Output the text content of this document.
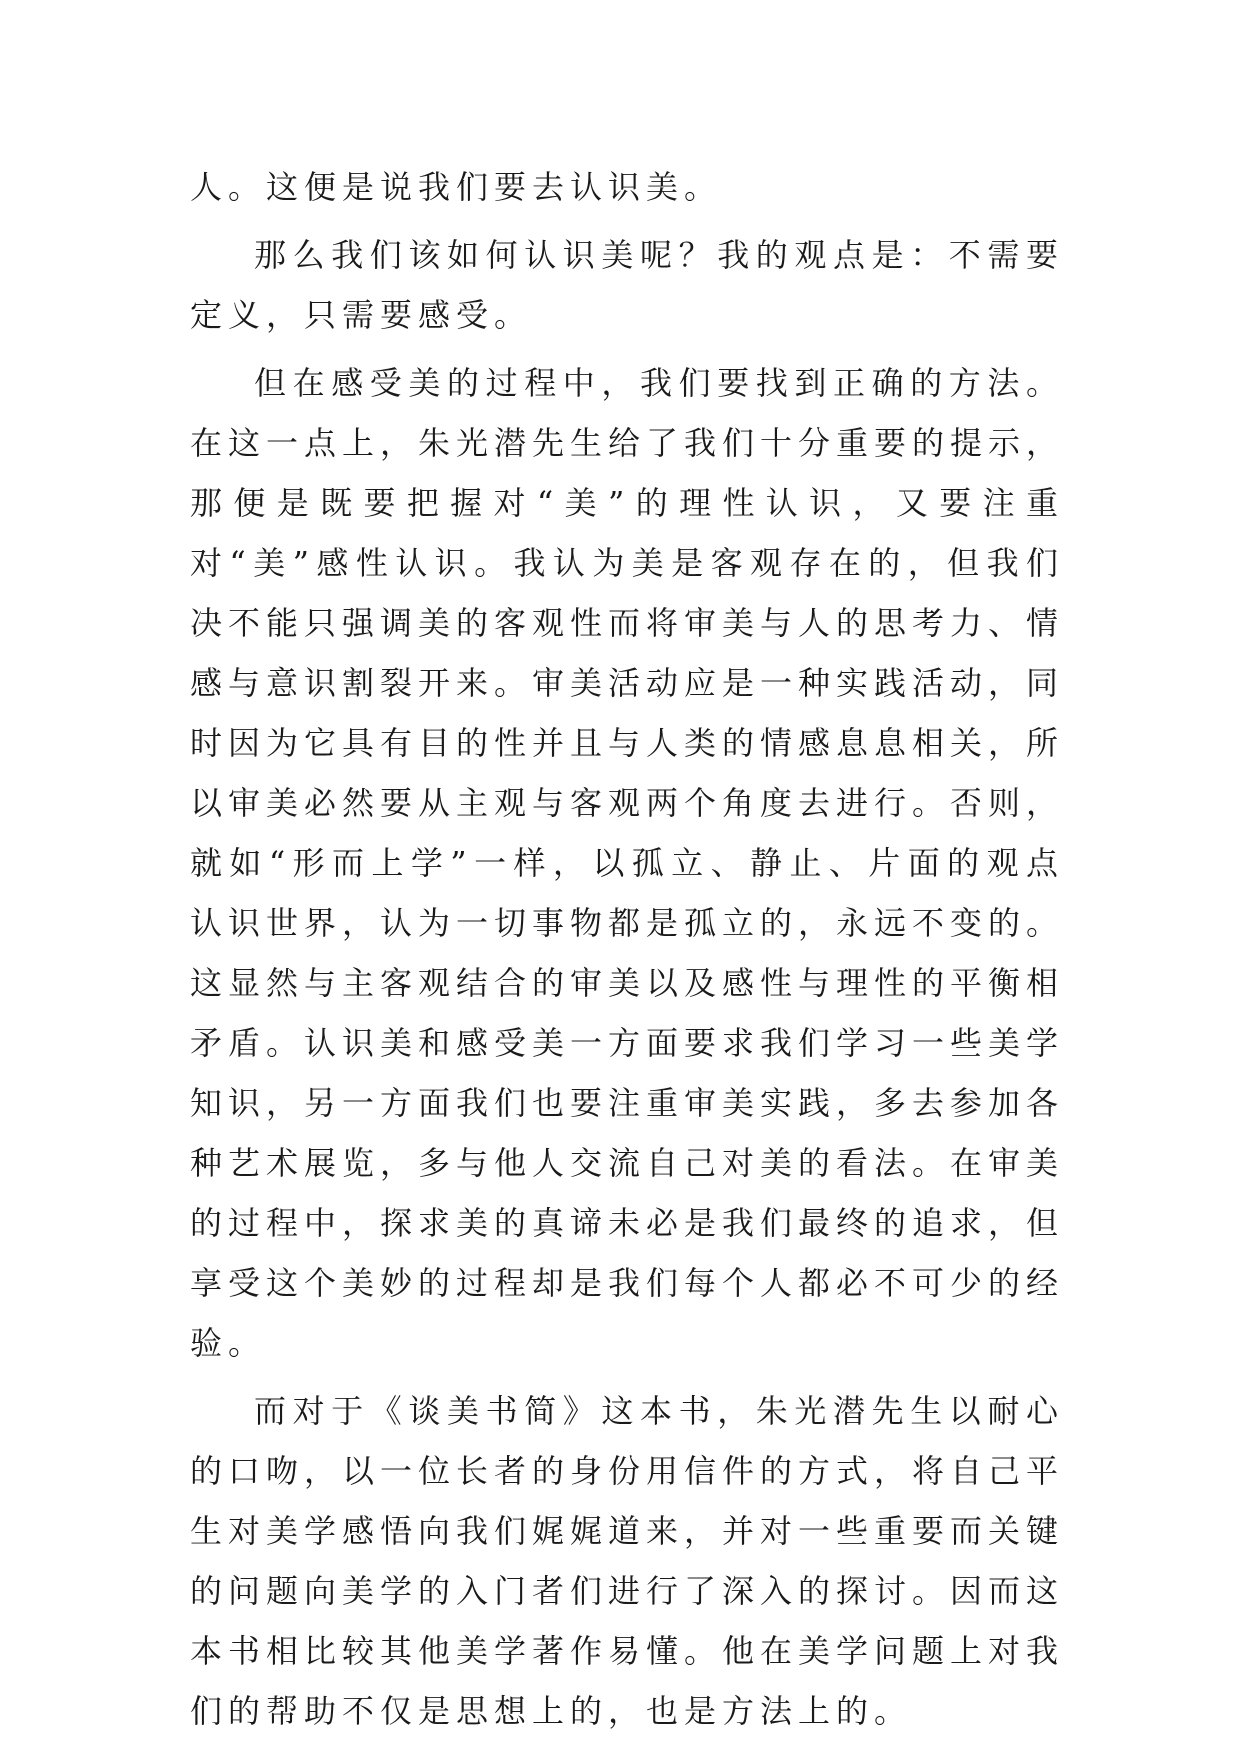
人。这便是说我们要去认识美。

那么我们该如何认识美呢？我的观点是：不需要定义，只需要感受。

但在感受美的过程中，我们要找到正确的方法。在这一点上，朱光潜先生给了我们十分重要的提示，那便是既要把握对“美”的理性认识，又要注重对“美”感性认识。我认为美是客观存在的，但我们决不能只强调美的客观性而将审美与人的思考力、情感与意识割裂开来。审美活动应是一种实践活动，同时因为它具有目的性并且与人类的情感息息相关，所以审美必然要从主观与客观两个角度去进行。否则，就如“形而上学”一样，以孤立、静止、片面的观点认识世界，认为一切事物都是孤立的，永远不变的。这显然与主客观结合的审美以及感性与理性的平衡相矛盾。认识美和感受美一方面要求我们学习一些美学知识，另一方面我们也要注重审美实践，多去参加各种艺术展览，多与他人交流自己对美的看法。在审美的过程中，探求美的真谛未必是我们最终的追求，但享受这个美妙的过程却是我们每个人都必不可少的经验。

而对于《谈美书简》这本书，朱光潜先生以耐心的口吻，以一位长者的身份用信件的方式，将自己平生对美学感悟向我们娓娓道来，并对一些重要而关键的问题向美学的入门者们进行了深入的探讨。因而这本书相比较其他美学著作易懂。他在美学问题上对我们的帮助不仅是思想上的，也是方法上的。
